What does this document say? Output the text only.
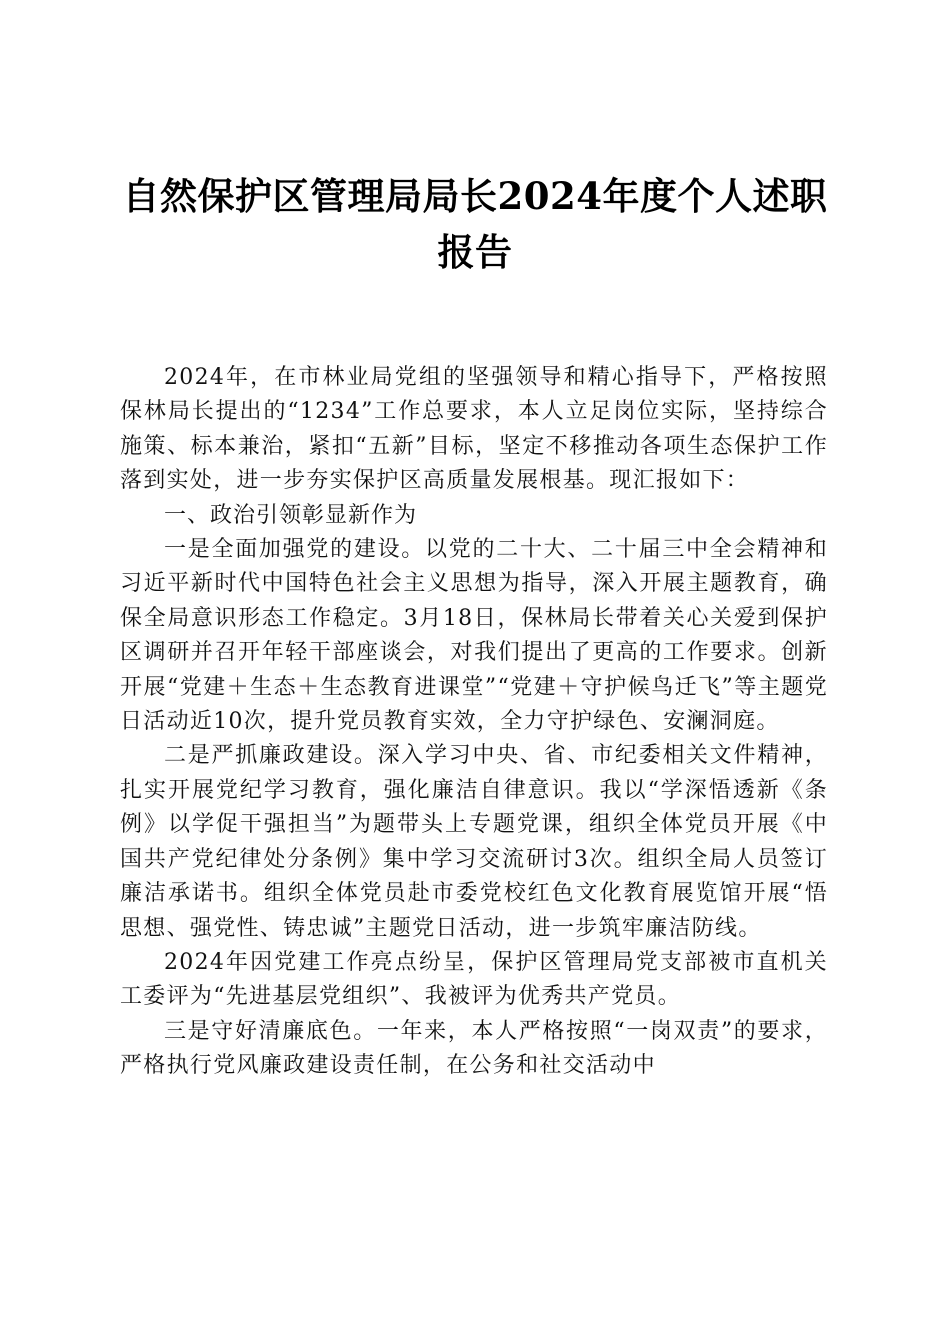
自然保护区管理局局长2024年度个人述职报告

2024年，在市林业局党组的坚强领导和精心指导下，严格按照保林局长提出的“1234”工作总要求，本人立足岗位实际，坚持综合施策、标本兼治，紧扣“五新”目标，坚定不移推动各项生态保护工作落到实处，进一步夯实保护区高质量发展根基。现汇报如下：

一、政治引领彰显新作为

一是全面加强党的建设。以党的二十大、二十届三中全会精神和习近平新时代中国特色社会主义思想为指导，深入开展主题教育，确保全局意识形态工作稳定。3月18日，保林局长带着关心关爱到保护区调研并召开年轻干部座谈会，对我们提出了更高的工作要求。创新开展“党建＋生态＋生态教育进课堂”“党建＋守护候鸟迁飞”等主题党日活动近10次，提升党员教育实效，全力守护绿色、安澜洞庭。

二是严抓廉政建设。深入学习中央、省、市纪委相关文件精神，扎实开展党纪学习教育，强化廉洁自律意识。我以“学深悟透新《条例》以学促干强担当”为题带头上专题党课，组织全体党员开展《中国共产党纪律处分条例》集中学习交流研讨3次。组织全局人员签订廉洁承诺书。组织全体党员赴市委党校红色文化教育展览馆开展“悟思想、强党性、铸忠诚”主题党日活动，进一步筑牢廉洁防线。

2024年因党建工作亮点纷呈，保护区管理局党支部被市直机关工委评为“先进基层党组织”、我被评为优秀共产党员。

三是守好清廉底色。一年来，本人严格按照“一岗双责”的要求，严格执行党风廉政建设责任制，在公务和社交活动中
